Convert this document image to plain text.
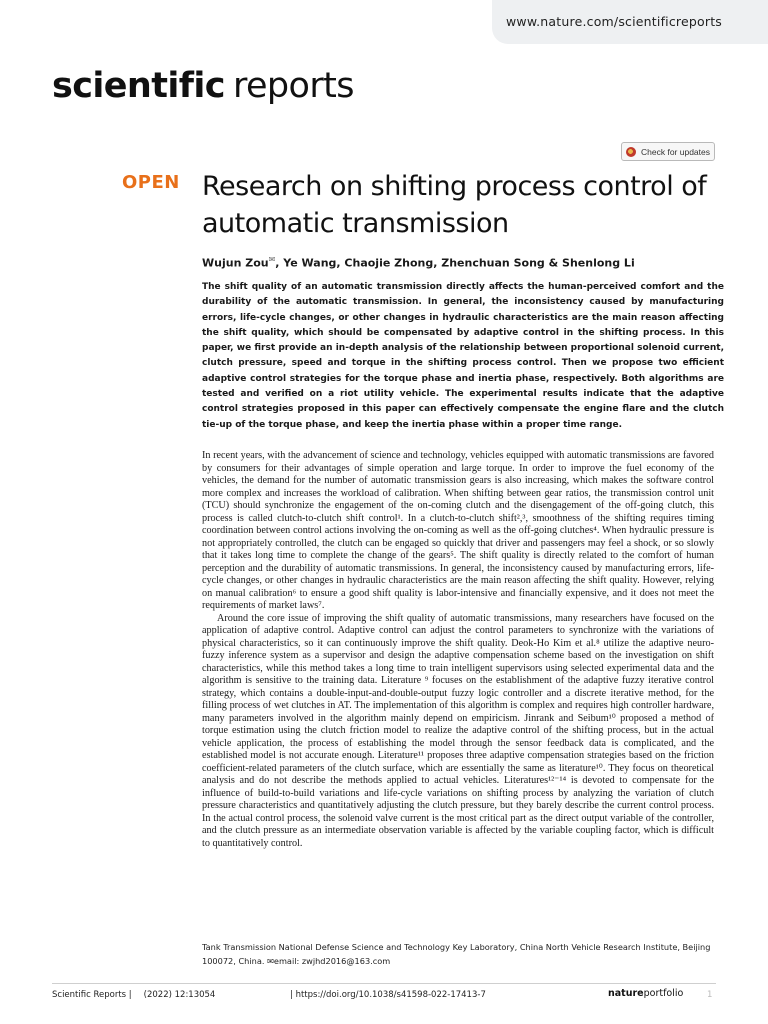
www.nature.com/scientificreports
scientific reports
Check for updates
OPEN Research on shifting process control of automatic transmission
Wujun Zou✉, Ye Wang, Chaojie Zhong, Zhenchuan Song & Shenlong Li

The shift quality of an automatic transmission directly affects the human-perceived comfort and the durability of the automatic transmission. In general, the inconsistency caused by manufacturing errors, life-cycle changes, or other changes in hydraulic characteristics are the main reason affecting the shift quality, which should be compensated by adaptive control in the shifting process. In this paper, we first provide an in-depth analysis of the relationship between proportional solenoid current, clutch pressure, speed and torque in the shifting process control. Then we propose two efficient adaptive control strategies for the torque phase and inertia phase, respectively. Both algorithms are tested and verified on a riot utility vehicle. The experimental results indicate that the adaptive control strategies proposed in this paper can effectively compensate the engine flare and the clutch tie-up of the torque phase, and keep the inertia phase within a proper time range.

In recent years, with the advancement of science and technology, vehicles equipped with automatic transmissions are favored by consumers for their advantages of simple operation and large torque. In order to improve the fuel economy of the vehicles, the demand for the number of automatic transmission gears is also increasing, which makes the software control more complex and increases the workload of calibration. When shifting between gear ratios, the transmission control unit (TCU) should synchronize the engagement of the on-coming clutch and the disengagement of the off-going clutch, this process is called clutch-to-clutch shift control¹. In a clutch-to-clutch shift²,³, smoothness of the shifting requires timing coordination between control actions involving the on-coming as well as the off-going clutches⁴. When hydraulic pressure is not appropriately controlled, the clutch can be engaged so quickly that driver and passengers may feel a shock, or so slowly that it takes long time to complete the change of the gears⁵. The shift quality is directly related to the comfort of human perception and the durability of automatic transmissions. In general, the inconsistency caused by manufacturing errors, life-cycle changes, or other changes in hydraulic characteristics are the main reason affecting the shift quality. However, relying on manual calibration⁶ to ensure a good shift quality is labor-intensive and financially expensive, and it does not meet the requirements of market laws⁷.

Around the core issue of improving the shift quality of automatic transmissions, many researchers have focused on the application of adaptive control. Adaptive control can adjust the control parameters to synchronize with the variations of physical characteristics, so it can continuously improve the shift quality. Deok-Ho Kim et al.⁸ utilize the adaptive neuro-fuzzy inference system as a supervisor and design the adaptive compensation scheme based on the investigation on shift characteristics, while this method takes a long time to train intelligent supervisors using selected experimental data and the algorithm is sensitive to the training data. Literature ⁹ focuses on the establishment of the adaptive fuzzy iterative control strategy, which contains a double-input-and-double-output fuzzy logic controller and a discrete iterative method, for the filling process of wet clutches in AT. The implementation of this algorithm is complex and requires high controller hardware, many parameters involved in the algorithm mainly depend on empiricism. Jinrank and Seibum¹⁰ proposed a method of torque estimation using the clutch friction model to realize the adaptive control of the shifting process, but in the actual vehicle application, the process of establishing the model through the sensor feedback data is complicated, and the established model is not accurate enough. Literature¹¹ proposes three adaptive compensation strategies based on the friction coefficient-related parameters of the clutch surface, which are essentially the same as literature¹⁰. They focus on theoretical analysis and do not describe the methods applied to actual vehicles. Literatures¹²⁻¹⁴ is devoted to compensate for the influence of build-to-build variations and life-cycle variations on shifting process by analyzing the variation of clutch pressure characteristics and quantitatively adjusting the clutch pressure, but they barely describe the current control process. In the actual control process, the solenoid valve current is the most critical part as the direct output variable of the controller, and the clutch pressure as an intermediate observation variable is affected by the variable coupling factor, which is difficult to quantitatively control.

Tank Transmission National Defense Science and Technology Key Laboratory, China North Vehicle Research Institute, Beijing 100072, China. ✉email: zwjhd2016@163.com

Scientific Reports | (2022) 12:13054	| https://doi.org/10.1038/s41598-022-17413-7	natureportfolio	1
